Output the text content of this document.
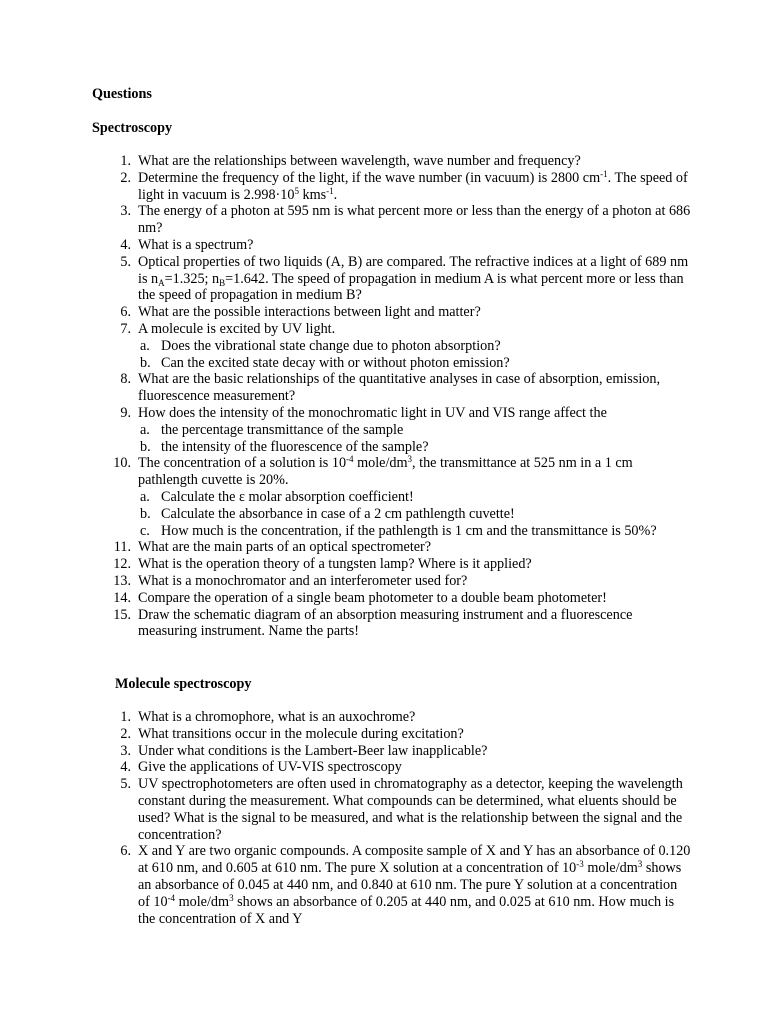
Questions
Spectroscopy
1. What are the relationships between wavelength, wave number and frequency?
2. Determine the frequency of the light, if the wave number (in vacuum) is 2800 $cm^{-1}$. The speed of light in vacuum is $2.998\cdot 10^5$ kms$^{-1}$.
3. The energy of a photon at 595 nm is what percent more or less than the energy of a photon at 686 nm?
4. What is a spectrum?
5. Optical properties of two liquids (A, B) are compared. The refractive indices at a light of 689 nm is $n_A=1.325$; $n_B=1.642$. The speed of propagation in medium A is what percent more or less than the speed of propagation in medium B?
6. What are the possible interactions between light and matter?
7. A molecule is excited by UV light.
a. Does the vibrational state change due to photon absorption?
b. Can the excited state decay with or without photon emission?
8. What are the basic relationships of the quantitative analyses in case of absorption, emission, fluorescence measurement?
9. How does the intensity of the monochromatic light in UV and VIS range affect the
a. the percentage transmittance of the sample
b. the intensity of the fluorescence of the sample?
10. The concentration of a solution is $10^{-4}$ mole/$dm^3$, the transmittance at 525 nm in a 1 cm pathlength cuvette is 20%.
a. Calculate the ε molar absorption coefficient!
b. Calculate the absorbance in case of a 2 cm pathlength cuvette!
c. How much is the concentration, if the pathlength is 1 cm and the transmittance is 50%?
11. What are the main parts of an optical spectrometer?
12. What is the operation theory of a tungsten lamp? Where is it applied?
13. What is a monochromator and an interferometer used for?
14. Compare the operation of a single beam photometer to a double beam photometer!
15. Draw the schematic diagram of an absorption measuring instrument and a fluorescence measuring instrument. Name the parts!
Molecule spectroscopy
1. What is a chromophore, what is an auxochrome?
2. What transitions occur in the molecule during excitation?
3. Under what conditions is the Lambert-Beer law inapplicable?
4. Give the applications of UV-VIS spectroscopy
5. UV spectrophotometers are often used in chromatography as a detector, keeping the wavelength constant during the measurement. What compounds can be determined, what eluents should be used? What is the signal to be measured, and what is the relationship between the signal and the concentration?
6. X and Y are two organic compounds. A composite sample of X and Y has an absorbance of 0.120 at 610 nm, and 0.605 at 610 nm. The pure X solution at a concentration of $10^{-3}$ mole/$dm^3$ shows an absorbance of 0.045 at 440 nm, and 0.840 at 610 nm. The pure Y solution at a concentration of $10^{-4}$ mole/$dm^3$ shows an absorbance of 0.205 at 440 nm, and 0.025 at 610 nm. How much is the concentration of X and Y
